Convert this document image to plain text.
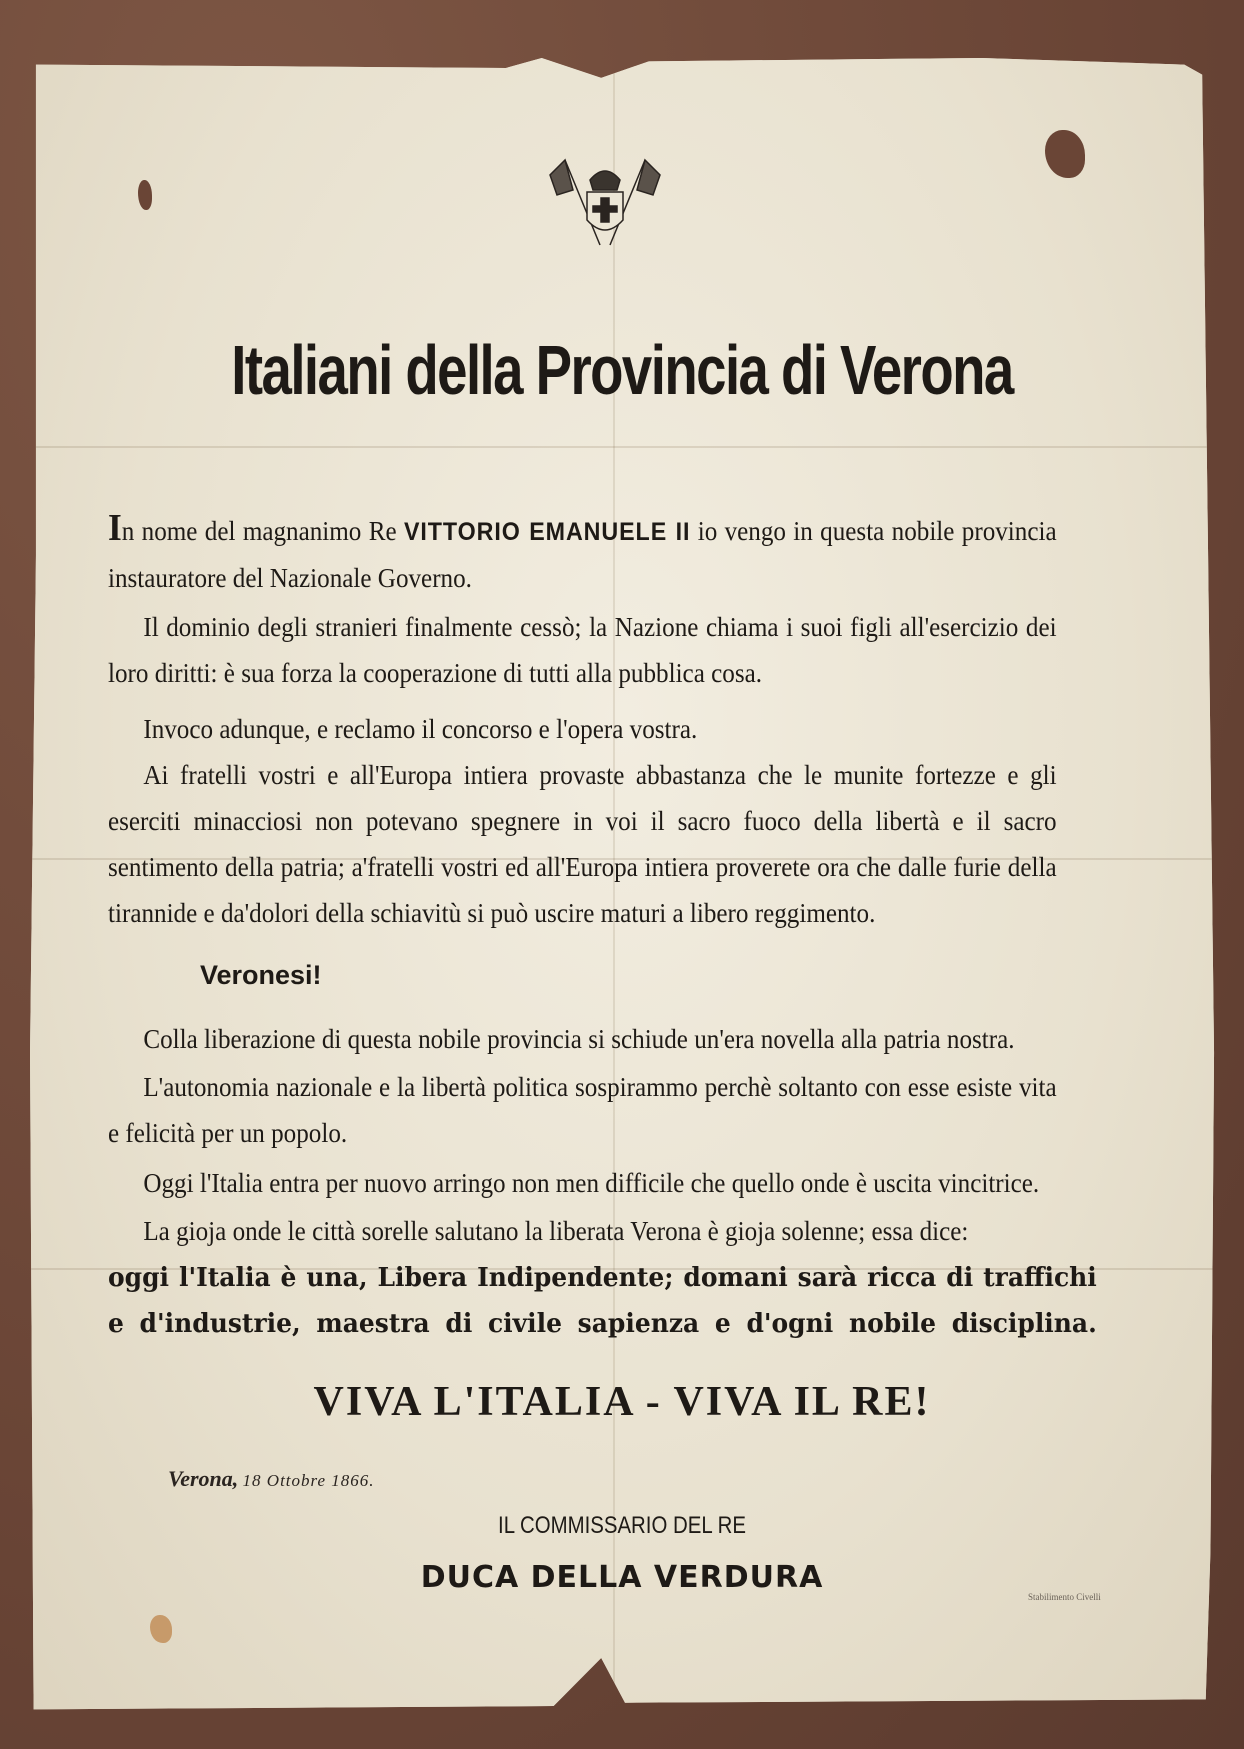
Italiani della Provincia di Verona
In nome del magnanimo Re VITTORIO EMANUELE II io vengo in questa nobile provincia instauratore del Nazionale Governo.
Il dominio degli stranieri finalmente cessò; la Nazione chiama i suoi figli all'esercizio dei loro diritti: è sua forza la cooperazione di tutti alla pubblica cosa.
Invoco adunque, e reclamo il concorso e l'opera vostra.
Ai fratelli vostri e all'Europa intiera provaste abbastanza che le munite fortezze e gli eserciti minacciosi non potevano spegnere in voi il sacro fuoco della libertà e il sacro sentimento della patria; a'fratelli vostri ed all'Europa intiera proverete ora che dalle furie della tirannide e da'dolori della schiavitù si può uscire maturi a libero reggimento.
Veronesi!
Colla liberazione di questa nobile provincia si schiude un'era novella alla patria nostra.
L'autonomia nazionale e la libertà politica sospirammo perchè soltanto con esse esiste vita e felicità per un popolo.
Oggi l'Italia entra per nuovo arringo non men difficile che quello onde è uscita vincitrice.
La gioja onde le città sorelle salutano la liberata Verona è gioja solenne; essa dice:
oggi l'Italia è una, Libera Indipendente; domani sarà ricca di traffichi e d'industrie, maestra di civile sapienza e d'ogni nobile disciplina.
VIVA L'ITALIA - VIVA IL RE!
Verona, 18 Ottobre 1866.
IL COMMISSARIO DEL RE
DUCA DELLA VERDURA
Stabilimento Civelli
